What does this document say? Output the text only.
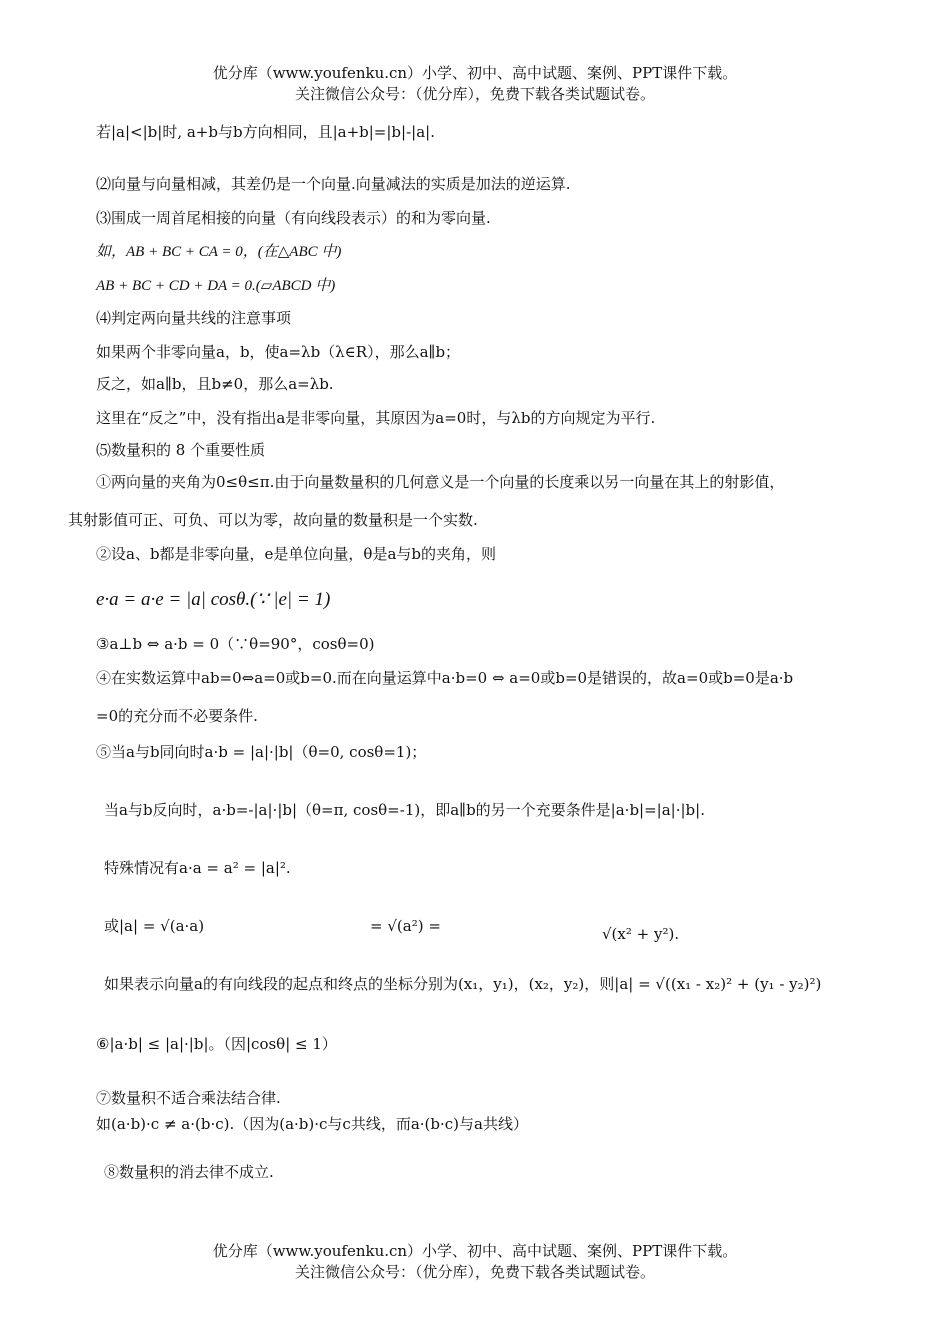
优分库（www.youfenku.cn）小学、初中、高中试题、案例、PPT课件下载。
关注微信公众号：（优分库），免费下载各类试题试卷。
若|a|<|b|时, a+b与b方向相同，且|a+b|=|b|-|a|.
⑵向量与向量相减，其差仍是一个向量.向量减法的实质是加法的逆运算.
⑶围成一周首尾相接的向量（有向线段表示）的和为零向量.
如，AB + BC + CA = 0，(在△ABC 中)
AB + BC + CD + DA = 0.(▱ABCD 中)
⑷判定两向量共线的注意事项
如果两个非零向量a，b，使a=λb（λ∈R），那么a∥b；
反之，如a∥b，且b≠0，那么a=λb.
这里在“反之”中，没有指出a是非零向量，其原因为a=0时，与λb的方向规定为平行.
⑸数量积的 8 个重要性质
①两向量的夹角为0≤θ≤π.由于向量数量积的几何意义是一个向量的长度乘以另一向量在其上的射影值，
其射影值可正、可负、可以为零，故向量的数量积是一个实数.
②设a、b都是非零向量，e是单位向量，θ是a与b的夹角，则
e·a = a·e = |a| cosθ.(∵ |e| = 1)
③a⊥b ⇔ a·b = 0（∵θ=90°，cosθ=0)
④在实数运算中ab=0⇔a=0或b=0.而在向量运算中a·b=0 ⇔ a=0或b=0是错误的，故a=0或b=0是a·b
=0的充分而不必要条件.
⑤当a与b同向时a·b = |a|·|b|（θ=0, cosθ=1)；
当a与b反向时，a·b=-|a|·|b|（θ=π, cosθ=-1)，即a∥b的另一个充要条件是|a·b|=|a|·|b|.
特殊情况有a·a = a² = |a|².
或|a| = √(a·a)	= √(a²) =	√(x² + y²).
如果表示向量a的有向线段的起点和终点的坐标分别为(x₁，y₁)，(x₂，y₂)，则|a| = √((x₁ - x₂)² + (y₁ - y₂)²)
⑥|a·b| ≤ |a|·|b|。（因|cosθ| ≤ 1）
⑦数量积不适合乘法结合律.
如(a·b)·c ≠ a·(b·c).（因为(a·b)·c与c共线，而a·(b·c)与a共线）
⑧数量积的消去律不成立.
优分库（www.youfenku.cn）小学、初中、高中试题、案例、PPT课件下载。
关注微信公众号：（优分库），免费下载各类试题试卷。
